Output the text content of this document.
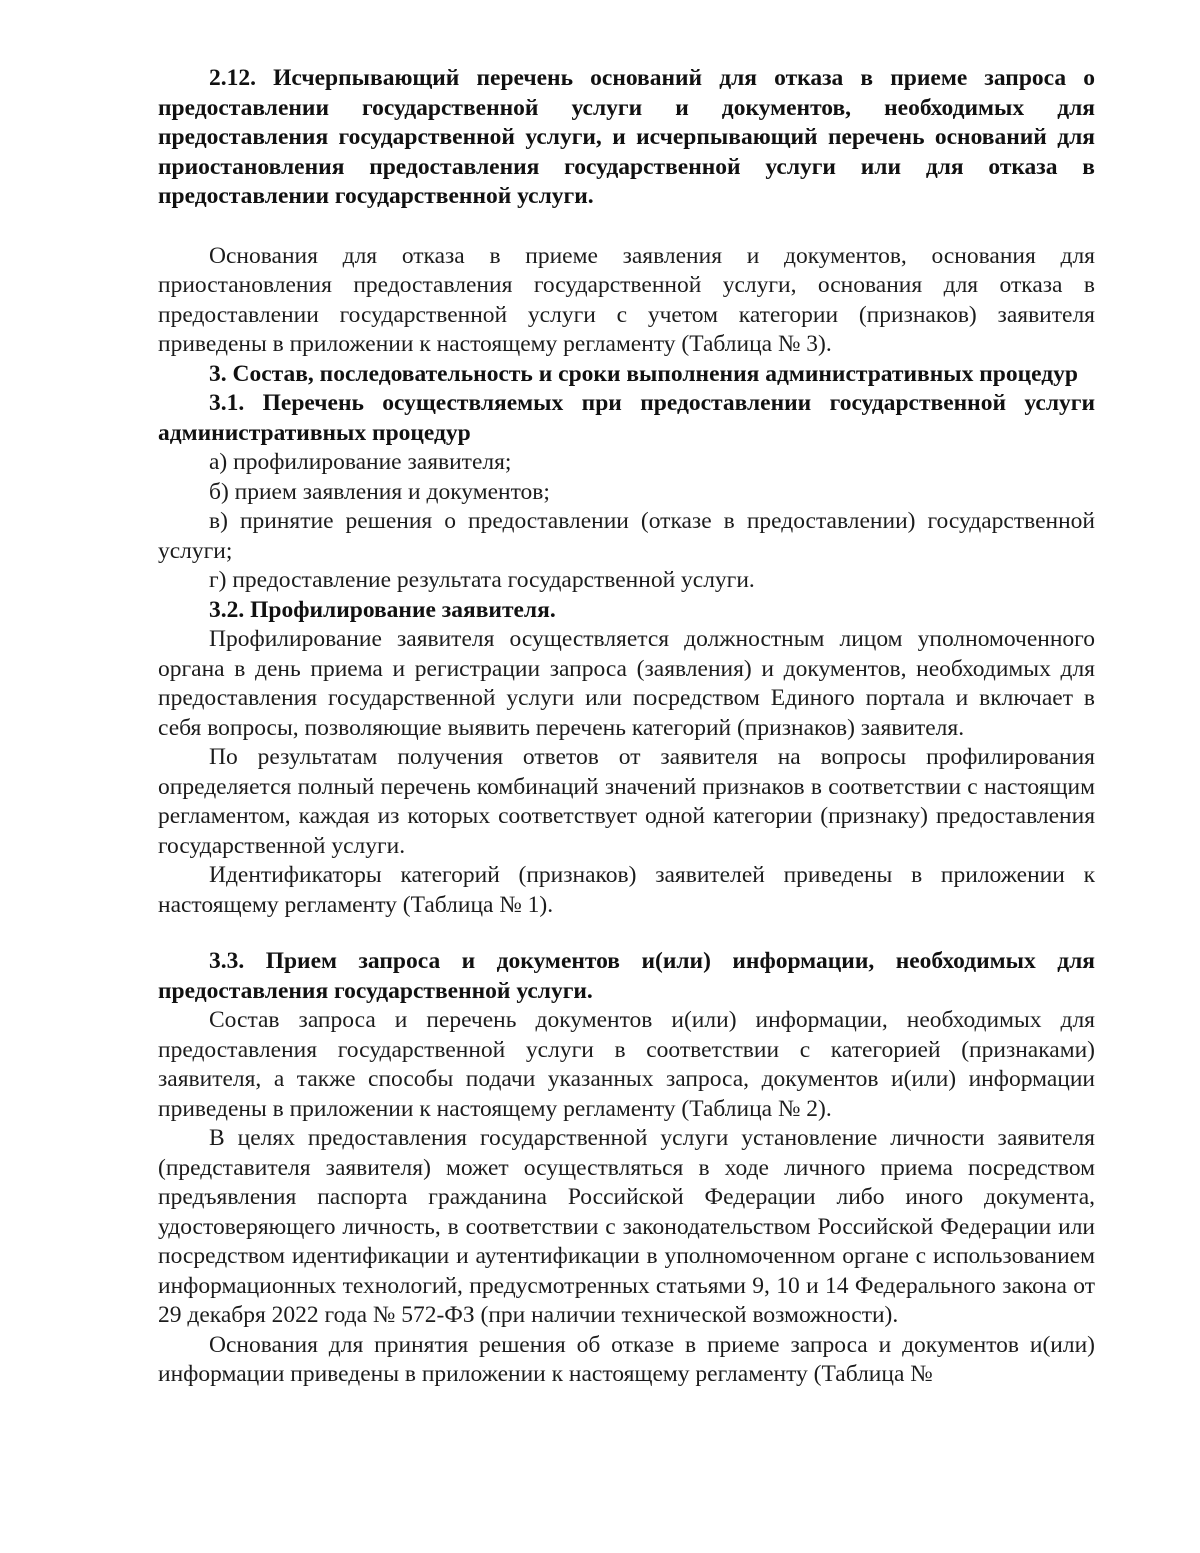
2.12. Исчерпывающий перечень оснований для отказа в приеме запроса о предоставлении государственной услуги и документов, необходимых для предоставления государственной услуги, и исчерпывающий перечень оснований для приостановления предоставления государственной услуги или для отказа в предоставлении государственной услуги.

Основания для отказа в приеме заявления и документов, основания для приостановления предоставления государственной услуги, основания для отказа в предоставлении государственной услуги с учетом категории (признаков) заявителя приведены в приложении к настоящему регламенту (Таблица № 3).

3. Состав, последовательность и сроки выполнения административных процедур

3.1. Перечень осуществляемых при предоставлении государственной услуги административных процедур

а) профилирование заявителя;

б) прием заявления и документов;

в) принятие решения о предоставлении (отказе в предоставлении) государственной услуги;

г) предоставление результата государственной услуги.

3.2. Профилирование заявителя.

Профилирование заявителя осуществляется должностным лицом уполномоченного органа в день приема и регистрации запроса (заявления) и документов, необходимых для предоставления государственной услуги или посредством Единого портала и включает в себя вопросы, позволяющие выявить перечень категорий (признаков) заявителя.

По результатам получения ответов от заявителя на вопросы профилирования определяется полный перечень комбинаций значений признаков в соответствии с настоящим регламентом, каждая из которых соответствует одной категории (признаку) предоставления государственной услуги.

Идентификаторы категорий (признаков) заявителей приведены в приложении к настоящему регламенту (Таблица № 1).

3.3. Прием запроса и документов и(или) информации, необходимых для предоставления государственной услуги.

Состав запроса и перечень документов и(или) информации, необходимых для предоставления государственной услуги в соответствии с категорией (признаками) заявителя, а также способы подачи указанных запроса, документов и(или) информации приведены в приложении к настоящему регламенту (Таблица № 2).

В целях предоставления государственной услуги установление личности заявителя (представителя заявителя) может осуществляться в ходе личного приема посредством предъявления паспорта гражданина Российской Федерации либо иного документа, удостоверяющего личность, в соответствии с законодательством Российской Федерации или посредством идентификации и аутентификации в уполномоченном органе с использованием информационных технологий, предусмотренных статьями 9, 10 и 14 Федерального закона от 29 декабря 2022 года № 572-ФЗ (при наличии технической возможности).

Основания для принятия решения об отказе в приеме запроса и документов и(или) информации приведены в приложении к настоящему регламенту (Таблица №
